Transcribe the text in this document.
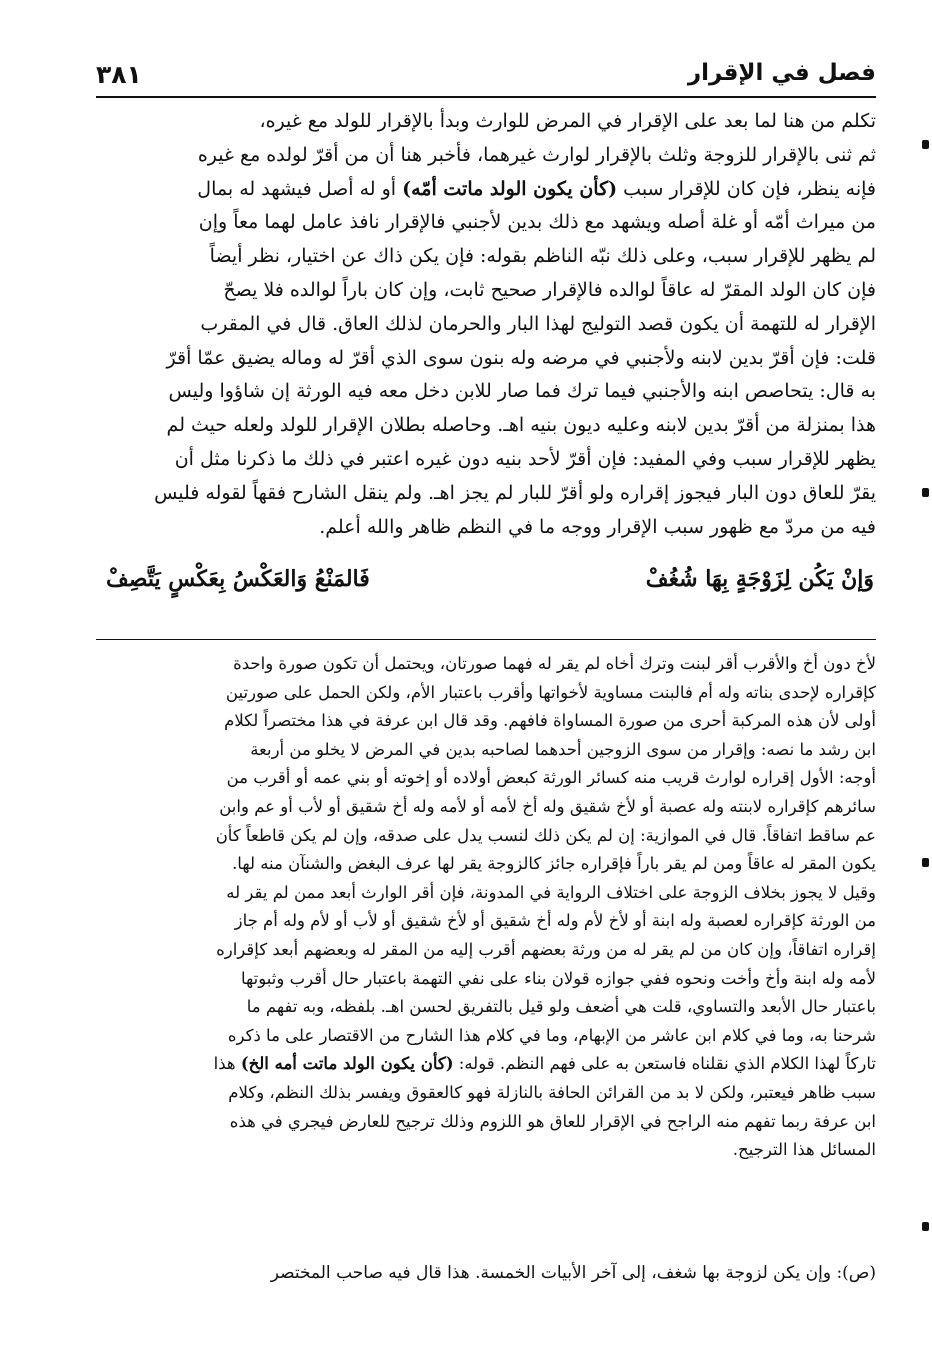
فصل في الإقرار
٣٨١

تكلم من هنا لما بعد على الإقرار في المرض للوارث وبدأ بالإقرار للولد مع غيره،

ثم ثنى بالإقرار للزوجة وثلث بالإقرار لوارث غيرهما، فأخبر هنا أن من أقرّ لولده مع غيره

فإنه ينظر، فإن كان للإقرار سبب (كأن يكون الولد ماتت أمّه) أو له أصل فيشهد له بمال

من ميراث أمّه أو غلة أصله ويشهد مع ذلك بدين لأجنبي فالإقرار نافذ عامل لهما معاً وإن

لم يظهر للإقرار سبب، وعلى ذلك نبّه الناظم بقوله: فإن يكن ذاك عن اختيار، نظر أيضاً

فإن كان الولد المقرّ له عاقاً لوالده فالإقرار صحيح ثابت، وإن كان باراً لوالده فلا يصحّ

الإقرار له للتهمة أن يكون قصد التوليج لهذا البار والحرمان لذلك العاق. قال في المقرب

قلت: فإن أقرّ بدين لابنه ولأجنبي في مرضه وله بنون سوى الذي أقرّ له وماله يضيق عمّا أقرّ

به قال: يتحاصص ابنه والأجنبي فيما ترك فما صار للابن دخل معه فيه الورثة إن شاؤوا وليس

هذا بمنزلة من أقرّ بدين لابنه وعليه ديون بنيه اهـ. وحاصله بطلان الإقرار للولد ولعله حيث لم

يظهر للإقرار سبب وفي المفيد: فإن أقرّ لأحد بنيه دون غيره اعتبر في ذلك ما ذكرنا مثل أن

يقرّ للعاق دون البار فيجوز إقراره ولو أقرّ للبار لم يجز اهـ. ولم ينقل الشارح فقهاً لقوله فليس

فيه من مردّ مع ظهور سبب الإقرار ووجه ما في النظم ظاهر والله أعلم.

وَإنْ يَكُن لِزَوْجَةٍ بِهَا شُغُفْ
فَالمَنْعُ وَالعَكْسُ بِعَكْسٍ يَتَّصِفْ

لأخ دون أخ والأقرب أقر لبنت وترك أخاه لم يقر له فهما صورتان، ويحتمل أن تكون صورة واحدة

كإقراره لإحدى بناته وله أم فالبنت مساوية لأخواتها وأقرب باعتبار الأم، ولكن الحمل على صورتين

أولى لأن هذه المركبة أحرى من صورة المساواة فافهم. وقد قال ابن عرفة في هذا مختصراً لكلام

ابن رشد ما نصه: وإقرار من سوى الزوجين أحدهما لصاحبه بدين في المرض لا يخلو من أربعة

أوجه: الأول إقراره لوارث قريب منه كسائر الورثة كبعض أولاده أو إخوته أو بني عمه أو أقرب من

سائرهم كإقراره لابنته وله عصبة أو لأخ شقيق وله أخ لأمه أو لأمه وله أخ شقيق أو لأب أو عم وابن

عم ساقط اتفاقاً. قال في الموازية: إن لم يكن ذلك لنسب يدل على صدقه، وإن لم يكن قاطعاً كأن

يكون المقر له عاقاً ومن لم يقر باراً فإقراره جائز كالزوجة يقر لها عرف البغض والشنآن منه لها.

وقيل لا يجوز بخلاف الزوجة على اختلاف الرواية في المدونة، فإن أقر الوارث أبعد ممن لم يقر له

من الورثة كإقراره لعصبة وله ابنة أو لأخ لأم وله أخ شقيق أو لأخ شقيق أو لأب أو لأم وله أم جاز

إقراره اتفاقاً، وإن كان من لم يقر له من ورثة بعضهم أقرب إليه من المقر له وبعضهم أبعد كإقراره

لأمه وله ابنة وأخ وأخت ونحوه ففي جوازه قولان بناء على نفي التهمة باعتبار حال أقرب وثبوتها

باعتبار حال الأبعد والتساوي، قلت هي أضعف ولو قيل بالتفريق لحسن اهـ. بلفظه، وبه تفهم ما

شرحنا به، وما في كلام ابن عاشر من الإبهام، وما في كلام هذا الشارح من الاقتصار على ما ذكره

تاركاً لهذا الكلام الذي نقلناه فاستعن به على فهم النظم. قوله: (كأن يكون الولد ماتت أمه الخ) هذا

سبب ظاهر فيعتبر، ولكن لا بد من القرائن الحافة بالنازلة فهو كالعقوق ويفسر بذلك النظم، وكلام

ابن عرفة ربما تفهم منه الراجح في الإقرار للعاق هو اللزوم وذلك ترجيح للعارض فيجري في هذه

المسائل هذا الترجيح.

(ص): وإن يكن لزوجة بها شغف، إلى آخر الأبيات الخمسة. هذا قال فيه صاحب المختصر
